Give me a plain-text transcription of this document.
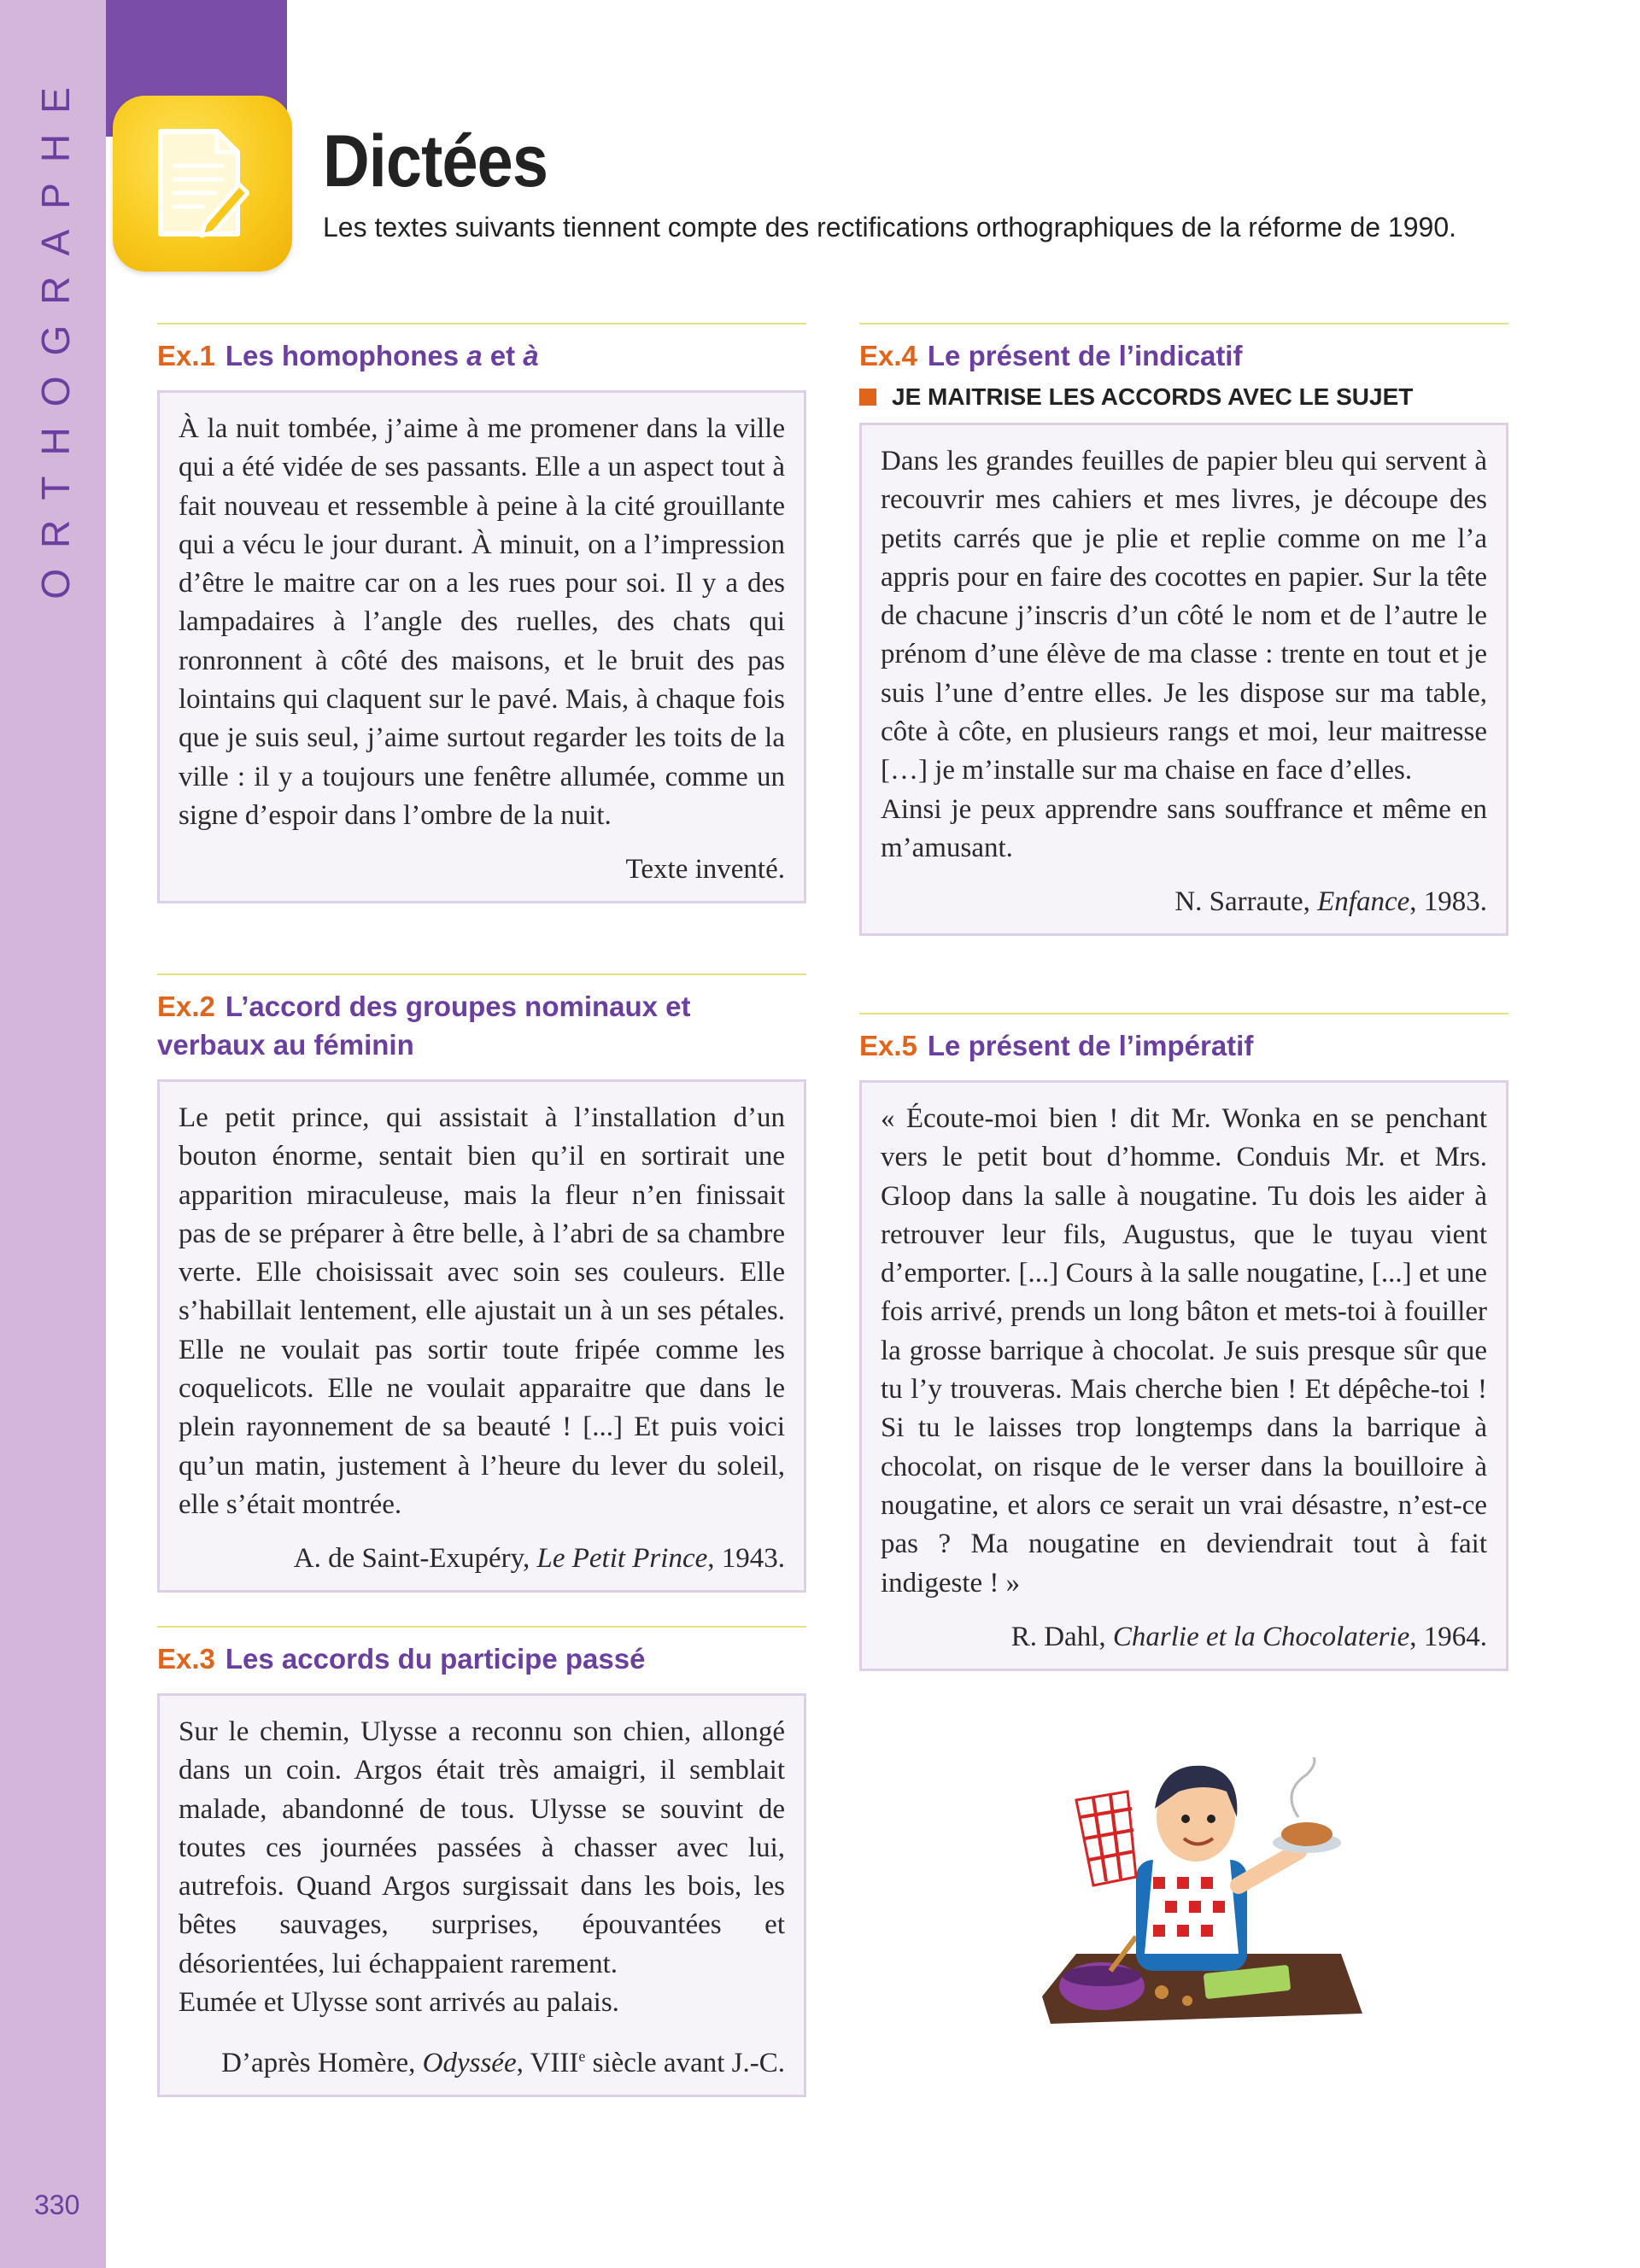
ORTHOGRAPHE
330
Dictées
Les textes suivants tiennent compte des rectifications orthographiques de la réforme de 1990.
Ex.1 Les homophones a et à

À la nuit tombée, j’aime à me promener dans la ville qui a été vidée de ses passants. Elle a un aspect tout à fait nouveau et ressemble à peine à la cité grouillante qui a vécu le jour durant. À minuit, on a l’impression d’être le maitre car on a les rues pour soi. Il y a des lampadaires à l’angle des ruelles, des chats qui ronronnent à côté des maisons, et le bruit des pas lointains qui claquent sur le pavé. Mais, à chaque fois que je suis seul, j’aime surtout regarder les toits de la ville : il y a toujours une fenêtre allumée, comme un signe d’espoir dans l’ombre de la nuit.

Texte inventé.
Ex.2 L’accord des groupes nominaux et verbaux au féminin

Le petit prince, qui assistait à l’installation d’un bouton énorme, sentait bien qu’il en sortirait une apparition miraculeuse, mais la fleur n’en finissait pas de se préparer à être belle, à l’abri de sa chambre verte. Elle choisissait avec soin ses couleurs. Elle s’habillait lentement, elle ajustait un à un ses pétales. Elle ne voulait pas sortir toute fripée comme les coquelicots. Elle ne voulait apparaitre que dans le plein rayonnement de sa beauté ! [...] Et puis voici qu’un matin, justement à l’heure du lever du soleil, elle s’était montrée.

A. de Saint-Exupéry, Le Petit Prince, 1943.
Ex.3 Les accords du participe passé

Sur le chemin, Ulysse a reconnu son chien, allongé dans un coin. Argos était très amaigri, il semblait malade, abandonné de tous. Ulysse se souvint de toutes ces journées passées à chasser avec lui, autrefois. Quand Argos surgissait dans les bois, les bêtes sauvages, surprises, épouvantées et désorientées, lui échappaient rarement.

Eumée et Ulysse sont arrivés au palais.

D’après Homère, Odyssée, VIIIe siècle avant J.-C.
Ex.4 Le présent de l’indicatif
JE MAITRISE LES ACCORDS AVEC LE SUJET

Dans les grandes feuilles de papier bleu qui servent à recouvrir mes cahiers et mes livres, je découpe des petits carrés que je plie et replie comme on me l’a appris pour en faire des cocottes en papier. Sur la tête de chacune j’inscris d’un côté le nom et de l’autre le prénom d’une élève de ma classe : trente en tout et je suis l’une d’entre elles. Je les dispose sur ma table, côte à côte, en plusieurs rangs et moi, leur maitresse […] je m’installe sur ma chaise en face d’elles.

Ainsi je peux apprendre sans souffrance et même en m’amusant.

N. Sarraute, Enfance, 1983.
Ex.5 Le présent de l’impératif

« Écoute-moi bien ! dit Mr. Wonka en se penchant vers le petit bout d’homme. Conduis Mr. et Mrs. Gloop dans la salle à nougatine. Tu dois les aider à retrouver leur fils, Augustus, que le tuyau vient d’emporter. [...] Cours à la salle nougatine, [...] et une fois arrivé, prends un long bâton et mets-toi à fouiller la grosse barrique à chocolat. Je suis presque sûr que tu l’y trouveras. Mais cherche bien ! Et dépêche-toi ! Si tu le laisses trop longtemps dans la barrique à chocolat, on risque de le verser dans la bouilloire à nougatine, et alors ce serait un vrai désastre, n’est-ce pas ? Ma nougatine en deviendrait tout à fait indigeste ! »

R. Dahl, Charlie et la Chocolaterie, 1964.
